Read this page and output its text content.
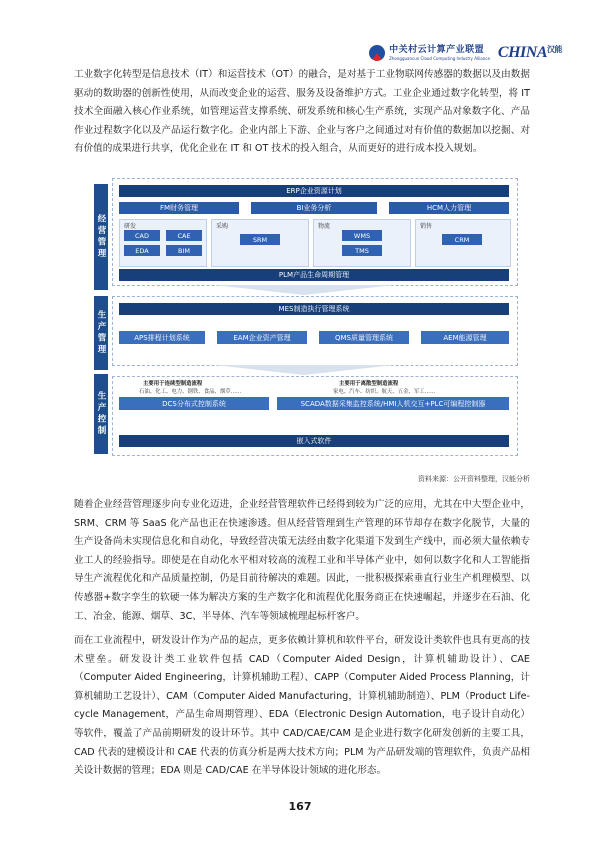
中关村云计算产业联盟
Zhongguancun Cloud Computing Industry Alliance $CHINA^{汉能}$
工业数字化转型是信息技术（IT）和运营技术（OT）的融合，是对基于工业物联网传感器的数据以及由数据驱动的数助器的创新性使用，从而改变企业的运营、服务及设备维护方式。工业企业通过数字化转型，将 IT 技术全面融入核心作业系统，如管理运营支撑系统、研发系统和核心生产系统，实现产品对象数字化、产品作业过程数字化以及产品运行数字化。企业内部上下游、企业与客户之间通过对有价值的数据加以挖掘、对有价值的成果进行共享，优化企业在 IT 和 OT 技术的投入组合，从而更好的进行成本投入规划。
经营管理
生产管理
生产控制
ERP企业资源计划
FM财务管理	BI业务分析	HCM人力管理
研发
CAD	CAE
EDA	BIM
采购
SRM
物流
WMS
TMS
销售
CRM
PLM产品生命周期管理
MES制造执行管理系统
APS排程计划系统	EAM企业资产管理	QMS质量管理系统	AEM能源管理
主要用于连续型制造流程
石油、化工、电力、钢铁、食品、烟草……
主要用于离散型制造流程
家电、汽车、纺织、航天、五金、军工……
DCS分布式控制系统	SCADA数据采集监控系统/HMI人机交互+PLC可编程控制器
嵌入式软件
资料来源：公开资料整理，汉能分析
随着企业经营管理逐步向专业化迈进，企业经营管理软件已经得到较为广泛的应用，尤其在中大型企业中，SRM、CRM 等 SaaS 化产品也正在快速渗透。但从经营管理到生产管理的环节却存在数字化脱节，大量的生产设备尚未实现信息化和自动化，导致经营决策无法经由数字化渠道下发到生产线中，而必须大量依赖专业工人的经验指导。即使是在自动化水平相对较高的流程工业和半导体产业中，如何以数字化和人工智能指导生产流程优化和产品质量控制，仍是目前待解决的难题。因此，一批积极探索垂直行业生产机理模型、以传感器+数字孪生的软硬一体为解决方案的生产数字化和流程优化服务商正在快速崛起，并逐步在石油、化工、冶金、能源、烟草、3C、半导体、汽车等领域梳理起标杆客户。
而在工业流程中，研发设计作为产品的起点，更多依赖计算机和软件平台，研发设计类软件也具有更高的技术壁垒。研发设计类工业软件包括 CAD（Computer Aided Design，计算机辅助设计）、CAE（Computer Aided Engineering，计算机辅助工程）、CAPP（Computer Aided Process Planning，计算机辅助工艺设计）、CAM（Computer Aided Manufacturing，计算机辅助制造）、PLM（Product Life-cycle Management，产品生命周期管理）、EDA（Electronic Design Automation，电子设计自动化）等软件，覆盖了产品前期研发的设计环节。其中 CAD/CAE/CAM 是企业进行数字化研发创新的主要工具，CAD 代表的建模设计和 CAE 代表的仿真分析是两大技术方向；PLM 为产品研发端的管理软件，负责产品相关设计数据的管理；EDA 则是 CAD/CAE 在半导体设计领域的进化形态。
167
